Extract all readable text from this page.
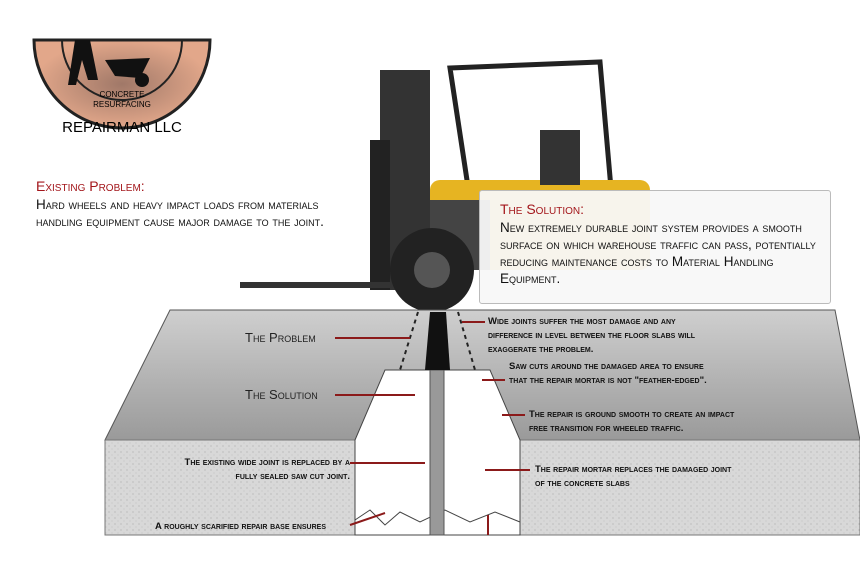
CONCRETE
RESURFACING
REPAIRMAN LLC
Existing Problem:
Hard wheels and heavy impact loads from materials handling equipment cause major damage to the joint.
The Solution:
New extremely durable joint system provides a smooth surface on which warehouse traffic can pass, potentially reducing maintenance costs to Material Handling Equipment.
The Problem
The Solution
Wide joints suffer the most damage and any difference in level between the floor slabs will exaggerate the problem.
Saw cuts around the damaged area to ensure that the repair mortar is not "feather-edged".
The repair is ground smooth to create an impact free transition for wheeled traffic.
The existing wide joint is replaced by a fully sealed saw cut joint.
The repair mortar replaces the damaged joint of the concrete slabs
A roughly scarified repair base ensures
